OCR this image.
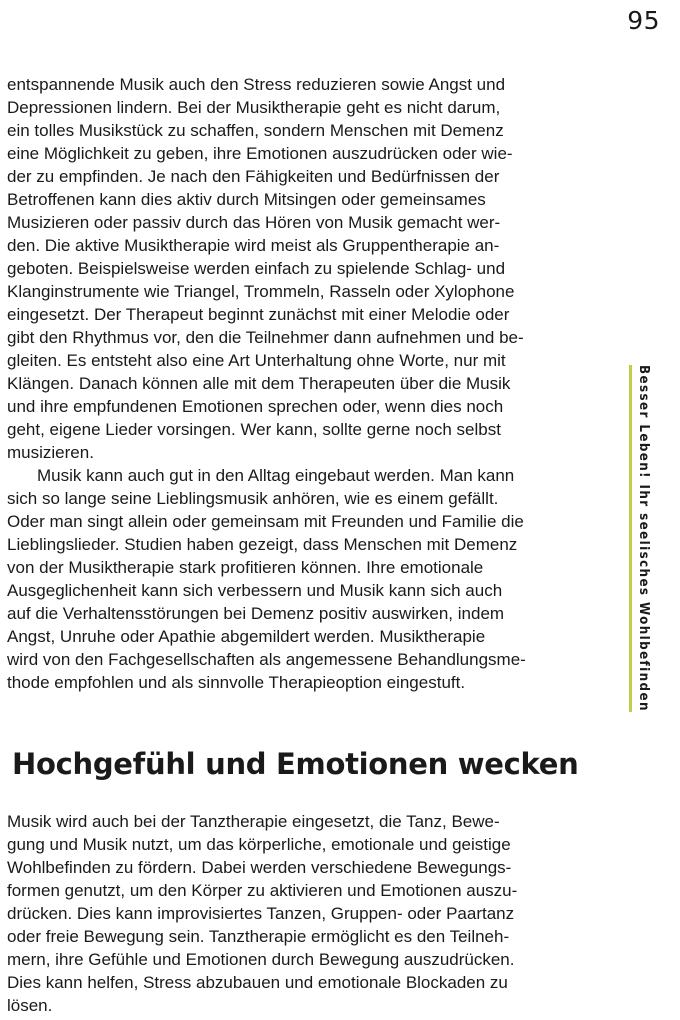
95
Besser Leben! Ihr seelisches Wohlbefinden
entspannende Musik auch den Stress reduzieren sowie Angst und
Depressionen lindern. Bei der Musiktherapie geht es nicht darum,
ein tolles Musikstück zu schaffen, sondern Menschen mit Demenz
eine Möglichkeit zu geben, ihre Emotionen auszudrücken oder wie-
der zu empfinden. Je nach den Fähigkeiten und Bedürfnissen der
Betroffenen kann dies aktiv durch Mitsingen oder gemeinsames
Musizieren oder passiv durch das Hören von Musik gemacht wer-
den. Die aktive Musiktherapie wird meist als Gruppentherapie an-
geboten. Beispielsweise werden einfach zu spielende Schlag- und
Klanginstrumente wie Triangel, Trommeln, Rasseln oder Xylophone
eingesetzt. Der Therapeut beginnt zunächst mit einer Melodie oder
gibt den Rhythmus vor, den die Teilnehmer dann aufnehmen und be-
gleiten. Es entsteht also eine Art Unterhaltung ohne Worte, nur mit
Klängen. Danach können alle mit dem Therapeuten über die Musik
und ihre empfundenen Emotionen sprechen oder, wenn dies noch
geht, eigene Lieder vorsingen. Wer kann, sollte gerne noch selbst
musizieren.
Musik kann auch gut in den Alltag eingebaut werden. Man kann
sich so lange seine Lieblingsmusik anhören, wie es einem gefällt.
Oder man singt allein oder gemeinsam mit Freunden und Familie die
Lieblingslieder. Studien haben gezeigt, dass Menschen mit Demenz
von der Musiktherapie stark profitieren können. Ihre emotionale
Ausgeglichenheit kann sich verbessern und Musik kann sich auch
auf die Verhaltensstörungen bei Demenz positiv auswirken, indem
Angst, Unruhe oder Apathie abgemildert werden. Musiktherapie
wird von den Fachgesellschaften als angemessene Behandlungsme-
thode empfohlen und als sinnvolle Therapieoption eingestuft.
Hochgefühl und Emotionen wecken
Musik wird auch bei der Tanztherapie eingesetzt, die Tanz, Bewe-
gung und Musik nutzt, um das körperliche, emotionale und geistige
Wohlbefinden zu fördern. Dabei werden verschiedene Bewegungs-
formen genutzt, um den Körper zu aktivieren und Emotionen auszu-
drücken. Dies kann improvisiertes Tanzen, Gruppen- oder Paartanz
oder freie Bewegung sein. Tanztherapie ermöglicht es den Teilneh-
mern, ihre Gefühle und Emotionen durch Bewegung auszudrücken.
Dies kann helfen, Stress abzubauen und emotionale Blockaden zu
lösen.
